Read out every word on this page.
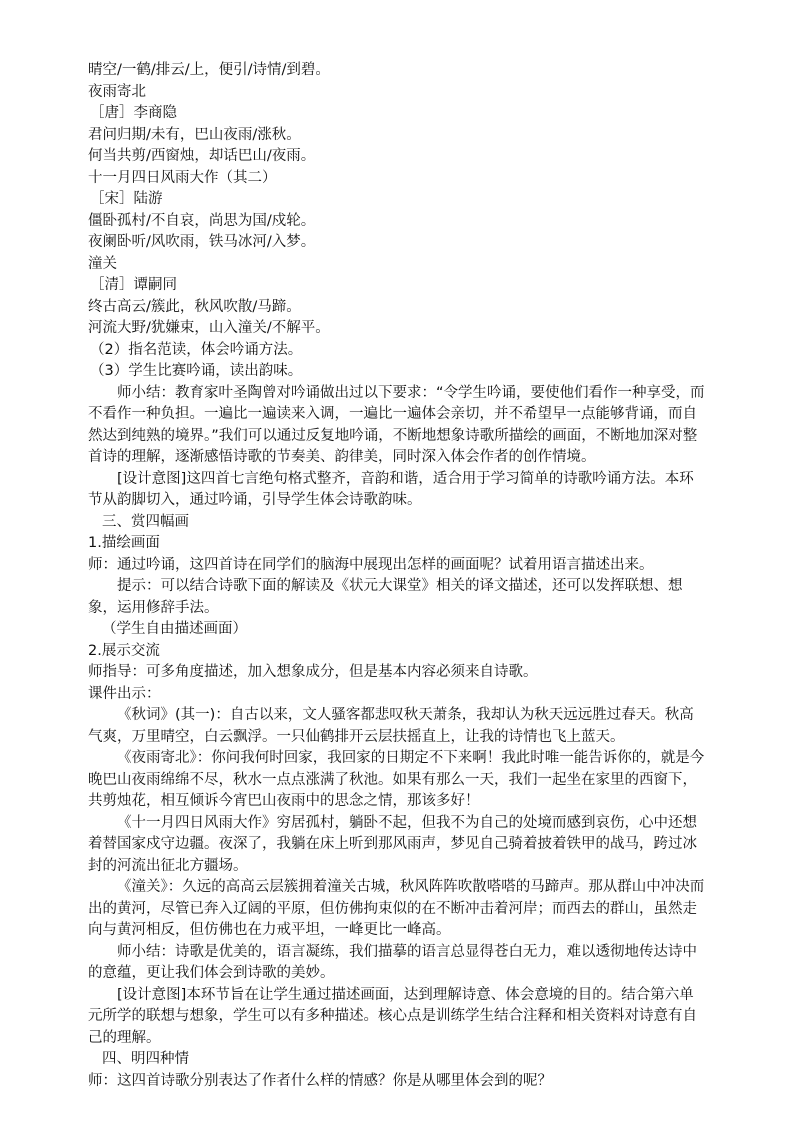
晴空/一鹤/排云/上，便引/诗情/到碧。

夜雨寄北

［唐］李商隐

君问归期/未有，巴山夜雨/涨秋。

何当共剪/西窗烛，却话巴山/夜雨。

十一月四日风雨大作（其二）

［宋］陆游

僵卧孤村/不自哀，尚思为国/戍轮。

夜阑卧听/风吹雨，铁马冰河/入梦。

潼关

［清］谭嗣同

终古高云/簇此，秋风吹散/马蹄。

河流大野/犹嫌束，山入潼关/不解平。

（2）指名范读，体会吟诵方法。

（3）学生比赛吟诵，读出韵味。

师小结：教育家叶圣陶曾对吟诵做出过以下要求：“令学生吟诵，要使他们看作一种享受，而不看作一种负担。一遍比一遍读来入调，一遍比一遍体会亲切，并不希望早一点能够背诵，而自然达到纯熟的境界。”我们可以通过反复地吟诵，不断地想象诗歌所描绘的画面，不断地加深对整首诗的理解，逐渐感悟诗歌的节奏美、韵律美，同时深入体会作者的创作情境。

[设计意图]这四首七言绝句格式整齐，音韵和谐，适合用于学习简单的诗歌吟诵方法。本环节从韵脚切入，通过吟诵，引导学生体会诗歌韵味。

三、赏四幅画

1.描绘画面

师：通过吟诵，这四首诗在同学们的脑海中展现出怎样的画面呢？试着用语言描述出来。

提示：可以结合诗歌下面的解读及《状元大课堂》相关的译文描述，还可以发挥联想、想象，运用修辞手法。

（学生自由描述画面）

2.展示交流

师指导：可多角度描述，加入想象成分，但是基本内容必须来自诗歌。

课件出示：

《秋词》(其一)：自古以来，文人骚客都悲叹秋天萧条，我却认为秋天远远胜过春天。秋高气爽，万里晴空，白云飘浮。一只仙鹤排开云层扶摇直上，让我的诗情也飞上蓝天。

《夜雨寄北》：你问我何时回家，我回家的日期定不下来啊！我此时唯一能告诉你的，就是今晚巴山夜雨绵绵不尽，秋水一点点涨满了秋池。如果有那么一天，我们一起坐在家里的西窗下，共剪烛花，相互倾诉今宵巴山夜雨中的思念之情，那该多好！

《十一月四日风雨大作》穷居孤村，躺卧不起，但我不为自己的处境而感到哀伤，心中还想着替国家戍守边疆。夜深了，我躺在床上听到那风雨声，梦见自己骑着披着铁甲的战马，跨过冰封的河流出征北方疆场。

《潼关》：久远的高高云层簇拥着潼关古城，秋风阵阵吹散嗒嗒的马蹄声。那从群山中冲决而出的黄河，尽管已奔入辽阔的平原，但仿佛拘束似的在不断冲击着河岸；而西去的群山，虽然走向与黄河相反，但仿佛也在力戒平坦，一峰更比一峰高。

师小结：诗歌是优美的，语言凝练，我们描摹的语言总显得苍白无力，难以透彻地传达诗中的意蕴，更让我们体会到诗歌的美妙。

[设计意图]本环节旨在让学生通过描述画面，达到理解诗意、体会意境的目的。结合第六单元所学的联想与想象，学生可以有多种描述。核心点是训练学生结合注释和相关资料对诗意有自己的理解。

四、明四种情

师：这四首诗歌分别表达了作者什么样的情感？你是从哪里体会到的呢？
